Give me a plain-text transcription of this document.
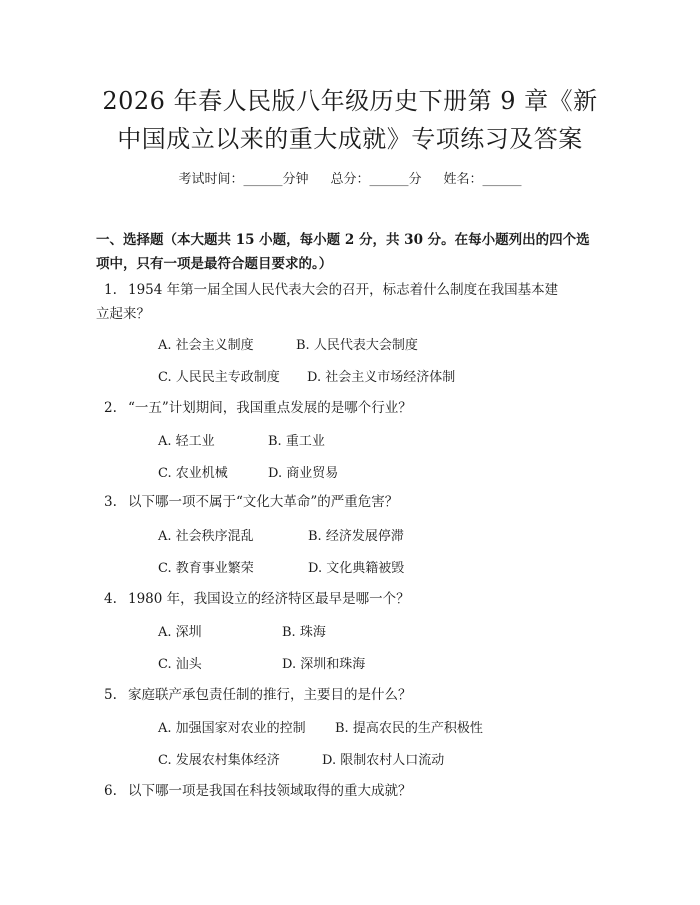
2026 年春人民版八年级历史下册第 9 章《新
中国成立以来的重大成就》专项练习及答案
考试时间：______分钟 总分：______分 姓名：______
一、选择题（本大题共 15 小题，每小题 2 分，共 30 分。在每小题列出的四个选
项中，只有一项是最符合题目要求的。）
1. 1954 年第一届全国人民代表大会的召开，标志着什么制度在我国基本建
立起来？
A. 社会主义制度	B. 人民代表大会制度
C. 人民民主专政制度 D. 社会主义市场经济体制
2. “一五”计划期间，我国重点发展的是哪个行业？
A. 轻工业	B. 重工业
C. 农业机械	D. 商业贸易
3. 以下哪一项不属于“文化大革命”的严重危害？
A. 社会秩序混乱	B. 经济发展停滞
C. 教育事业繁荣	D. 文化典籍被毁
4. 1980 年，我国设立的经济特区最早是哪一个？
A. 深圳	B. 珠海
C. 汕头	D. 深圳和珠海
5. 家庭联产承包责任制的推行，主要目的是什么？
A. 加强国家对农业的控制 B. 提高农民的生产积极性
C. 发展农村集体经济	D. 限制农村人口流动
6. 以下哪一项是我国在科技领域取得的重大成就？
